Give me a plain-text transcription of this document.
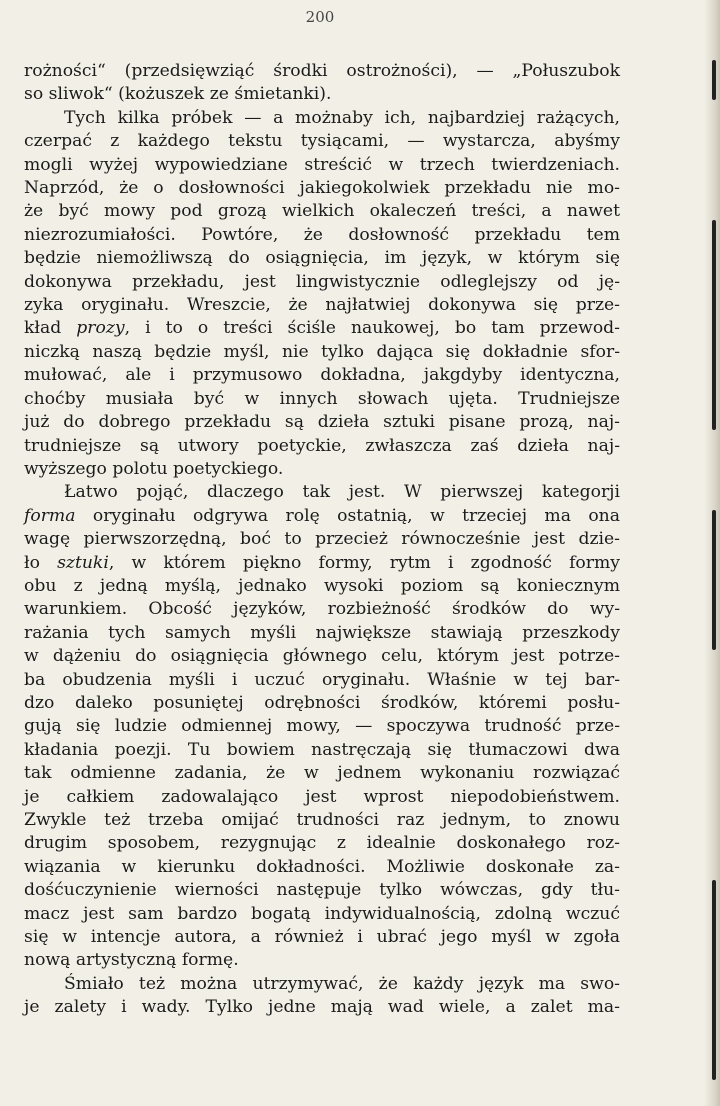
200
rożności“ (przedsięwziąć środki ostrożności), — „Połuszubok
so sliwok“ (kożuszek ze śmietanki).
Tych kilka próbek — a możnaby ich, najbardziej rażących,
czerpać z każdego tekstu tysiącami, — wystarcza, abyśmy
mogli wyżej wypowiedziane streścić w trzech twierdzeniach.
Naprzód, że o dosłowności jakiegokolwiek przekładu nie mo-
że być mowy pod grozą wielkich okaleczeń treści, a nawet
niezrozumiałości. Powtóre, że dosłowność przekładu tem
będzie niemożliwszą do osiągnięcia, im język, w którym się
dokonywa przekładu, jest lingwistycznie odleglejszy od ję-
zyka oryginału. Wreszcie, że najłatwiej dokonywa się prze-
kład prozy, i to o treści ściśle naukowej, bo tam przewod-
niczką naszą będzie myśl, nie tylko dająca się dokładnie sfor-
mułować, ale i przymusowo dokładna, jakgdyby identyczna,
choćby musiała być w innych słowach ujęta. Trudniejsze
już do dobrego przekładu są dzieła sztuki pisane prozą, naj-
trudniejsze są utwory poetyckie, zwłaszcza zaś dzieła naj-
wyższego polotu poetyckiego.
Łatwo pojąć, dlaczego tak jest. W pierwszej kategorji
forma oryginału odgrywa rolę ostatnią, w trzeciej ma ona
wagę pierwszorzędną, boć to przecież równocześnie jest dzie-
ło sztuki, w którem piękno formy, rytm i zgodność formy
obu z jedną myślą, jednako wysoki poziom są koniecznym
warunkiem. Obcość języków, rozbieżność środków do wy-
rażania tych samych myśli największe stawiają przeszkody
w dążeniu do osiągnięcia głównego celu, którym jest potrze-
ba obudzenia myśli i uczuć oryginału. Właśnie w tej bar-
dzo daleko posuniętej odrębności środków, któremi posłu-
gują się ludzie odmiennej mowy, — spoczywa trudność prze-
kładania poezji. Tu bowiem nastręczają się tłumaczowi dwa
tak odmienne zadania, że w jednem wykonaniu rozwiązać
je całkiem zadowalająco jest wprost niepodobieństwem.
Zwykle też trzeba omijać trudności raz jednym, to znowu
drugim sposobem, rezygnując z idealnie doskonałego roz-
wiązania w kierunku dokładności. Możliwie doskonałe za-
dośćuczynienie wierności następuje tylko wówczas, gdy tłu-
macz jest sam bardzo bogatą indywidualnością, zdolną wczuć
się w intencje autora, a również i ubrać jego myśl w zgoła
nową artystyczną formę.
Śmiało też można utrzymywać, że każdy język ma swo-
je zalety i wady. Tylko jedne mają wad wiele, a zalet ma-
